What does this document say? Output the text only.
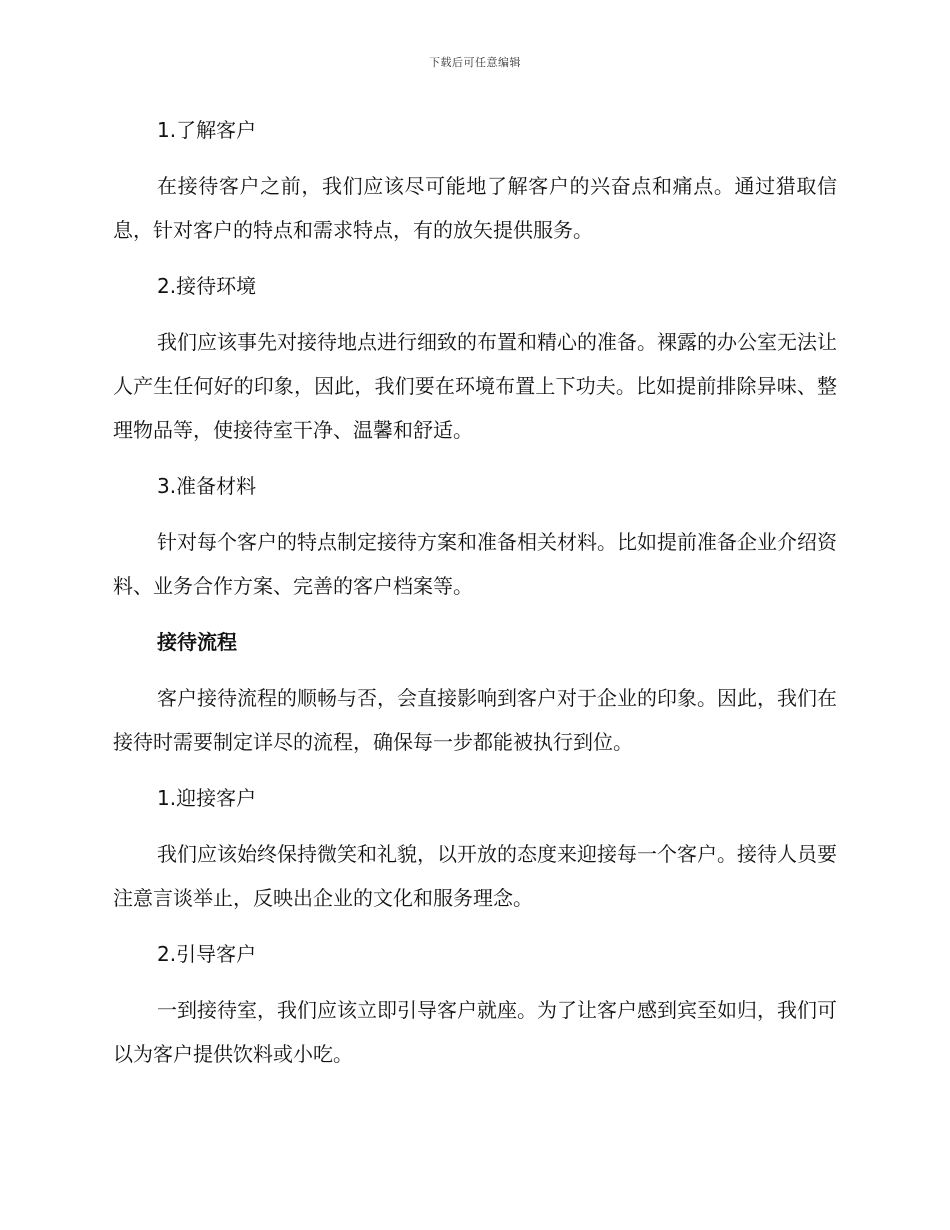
下载后可任意编辑

1.了解客户

在接待客户之前，我们应该尽可能地了解客户的兴奋点和痛点。通过猎取信息，针对客户的特点和需求特点，有的放矢提供服务。

2.接待环境

我们应该事先对接待地点进行细致的布置和精心的准备。裸露的办公室无法让人产生任何好的印象，因此，我们要在环境布置上下功夫。比如提前排除异味、整理物品等，使接待室干净、温馨和舒适。

3.准备材料

针对每个客户的特点制定接待方案和准备相关材料。比如提前准备企业介绍资料、业务合作方案、完善的客户档案等。

接待流程

客户接待流程的顺畅与否，会直接影响到客户对于企业的印象。因此，我们在接待时需要制定详尽的流程，确保每一步都能被执行到位。

1.迎接客户

我们应该始终保持微笑和礼貌，以开放的态度来迎接每一个客户。接待人员要注意言谈举止，反映出企业的文化和服务理念。

2.引导客户

一到接待室，我们应该立即引导客户就座。为了让客户感到宾至如归，我们可以为客户提供饮料或小吃。
